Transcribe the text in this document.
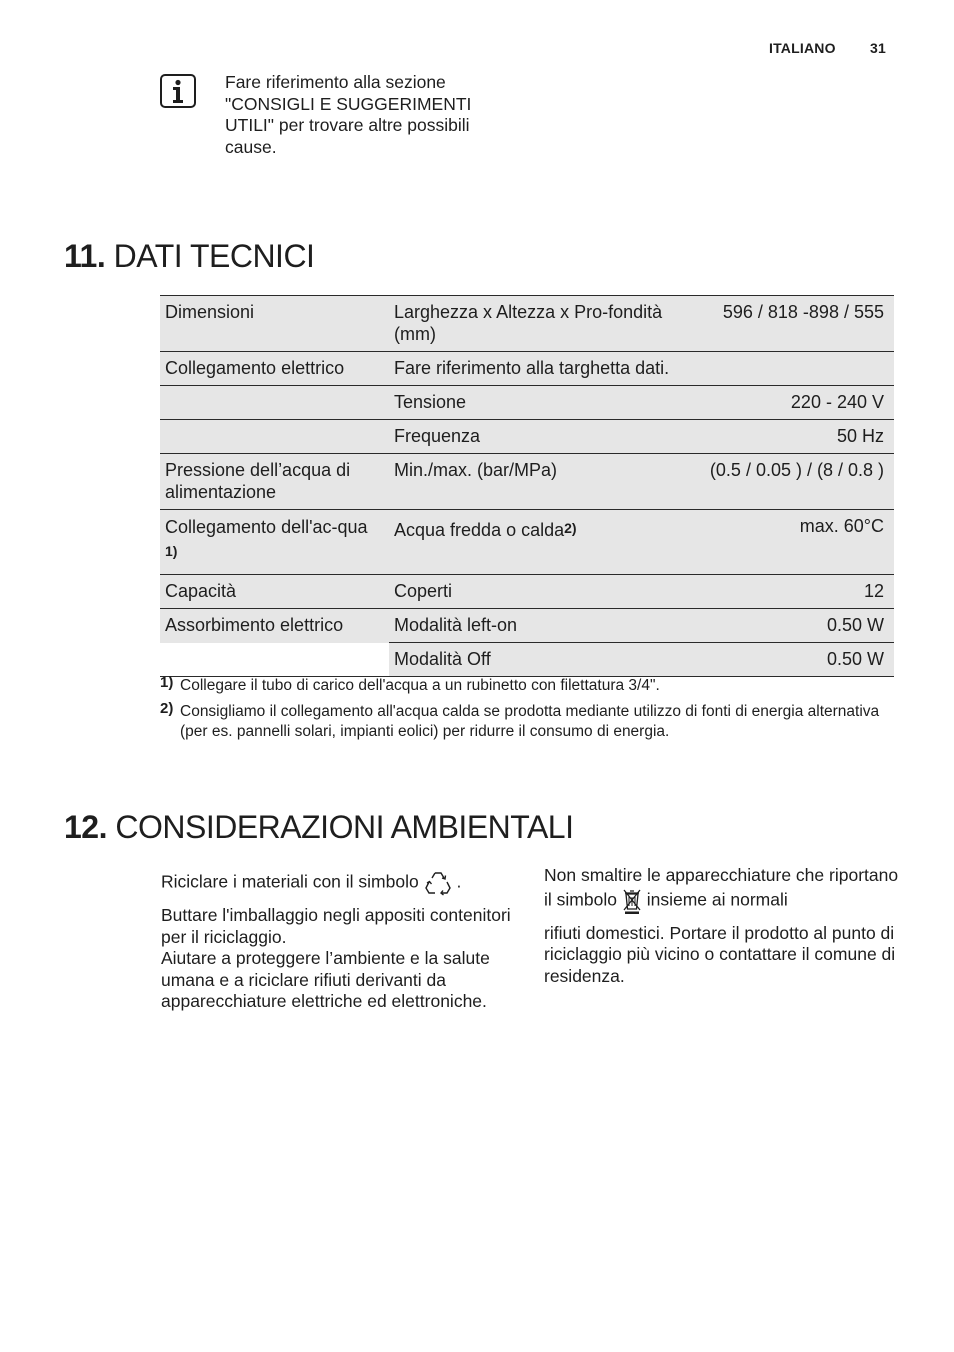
ITALIANO 31
Fare riferimento alla sezione "CONSIGLI E SUGGERIMENTI UTILI" per trovare altre possibili cause.
11. DATI TECNICI
Dimensioni	Larghezza x Altezza x Pro-fondità (mm)	596 / 818 -898 / 555
Collegamento elettrico	Fare riferimento alla targhetta dati.	
	Tensione	220 - 240 V
	Frequenza	50 Hz
Pressione dell’acqua di alimentazione	Min./max. (bar/MPa)	(0.5 / 0.05 ) / (8 / 0.8 )
Collegamento dell'ac-qua $^{1)}$	Acqua fredda o calda$^{2)}$	max. 60°C
Capacità	Coperti	12
Assorbimento elettrico	Modalità left-on	0.50 W
	Modalità Off	0.50 W
1) Collegare il tubo di carico dell'acqua a un rubinetto con filettatura 3/4".
2) Consigliamo il collegamento all'acqua calda se prodotta mediante utilizzo di fonti di energia alternativa (per es. pannelli solari, impianti eolici) per ridurre il consumo di energia.
12. CONSIDERAZIONI AMBIENTALI

Riciclare i materiali con il simbolo .

Buttare l'imballaggio negli appositi contenitori per il riciclaggio.

Aiutare a proteggere l’ambiente e la salute umana e a riciclare rifiuti derivanti da apparecchiature elettriche ed elettroniche.

Non smaltire le apparecchiature che riportano il simbolo insieme ai normali

rifiuti domestici. Portare il prodotto al punto di riciclaggio più vicino o contattare il comune di residenza.
